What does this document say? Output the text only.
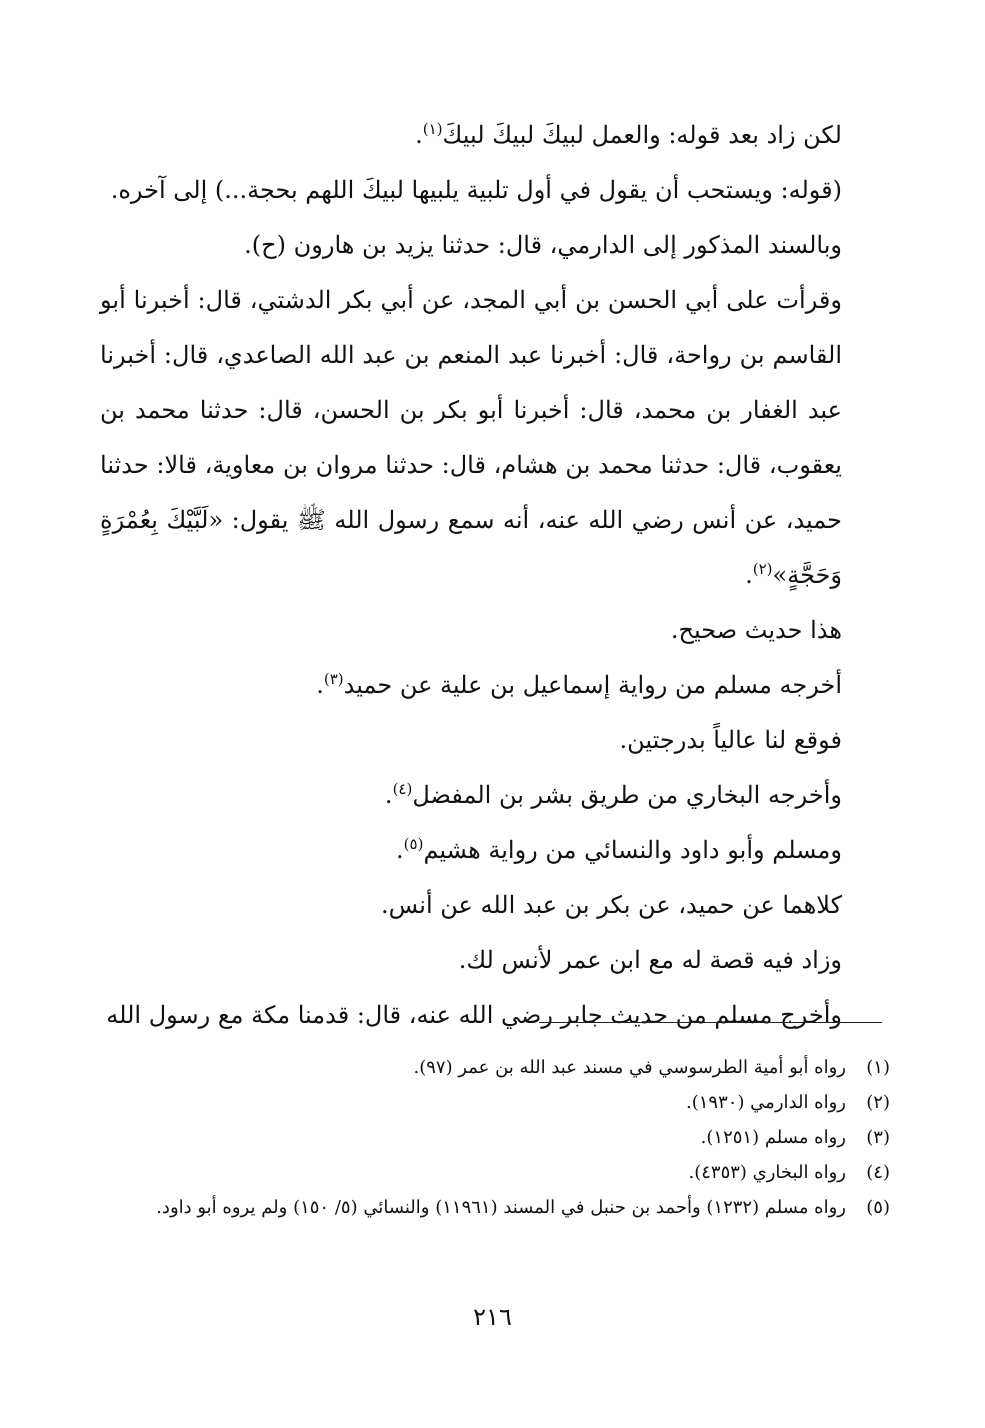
لكن زاد بعد قوله: والعمل لبيكَ لبيكَ لبيكَ$^{(١)}$.

(قوله: ويستحب أن يقول في أول تلبية يلبيها لبيكَ اللهم بحجة...) إلى آخره.

وبالسند المذكور إلى الدارمي، قال: حدثنا يزيد بن هارون (ح).

وقرأت على أبي الحسن بن أبي المجد، عن أبي بكر الدشتي، قال: أخبرنا أبو القاسم بن رواحة، قال: أخبرنا عبد المنعم بن عبد الله الصاعدي، قال: أخبرنا عبد الغفار بن محمد، قال: أخبرنا أبو بكر بن الحسن، قال: حدثنا محمد بن يعقوب، قال: حدثنا محمد بن هشام، قال: حدثنا مروان بن معاوية، قالا: حدثنا حميد، عن أنس رضي الله عنه، أنه سمع رسول الله ﷺ يقول: «لَبَّيْكَ بِعُمْرَةٍ وَحَجَّةٍ»$^{(٢)}$.

هذا حديث صحيح.

أخرجه مسلم من رواية إسماعيل بن علية عن حميد$^{(٣)}$.

فوقع لنا عالياً بدرجتين.

وأخرجه البخاري من طريق بشر بن المفضل$^{(٤)}$.

ومسلم وأبو داود والنسائي من رواية هشيم$^{(٥)}$.

كلاهما عن حميد، عن بكر بن عبد الله عن أنس.

وزاد فيه قصة له مع ابن عمر لأنس لك.

وأخرج مسلم من حديث جابر رضي الله عنه، قال: قدمنا مكة مع رسول الله

(١)
رواه أبو أمية الطرسوسي في مسند عبد الله بن عمر (٩٧).
(٢)
رواه الدارمي (١٩٣٠).
(٣)
رواه مسلم (١٢٥١).
(٤)
رواه البخاري (٤٣٥٣).
(٥)
رواه مسلم (١٢٣٢) وأحمد بن حنبل في المسند (١١٩٦١) والنسائي (٥/ ١٥٠) ولم يروه أبو داود.
٢١٦
